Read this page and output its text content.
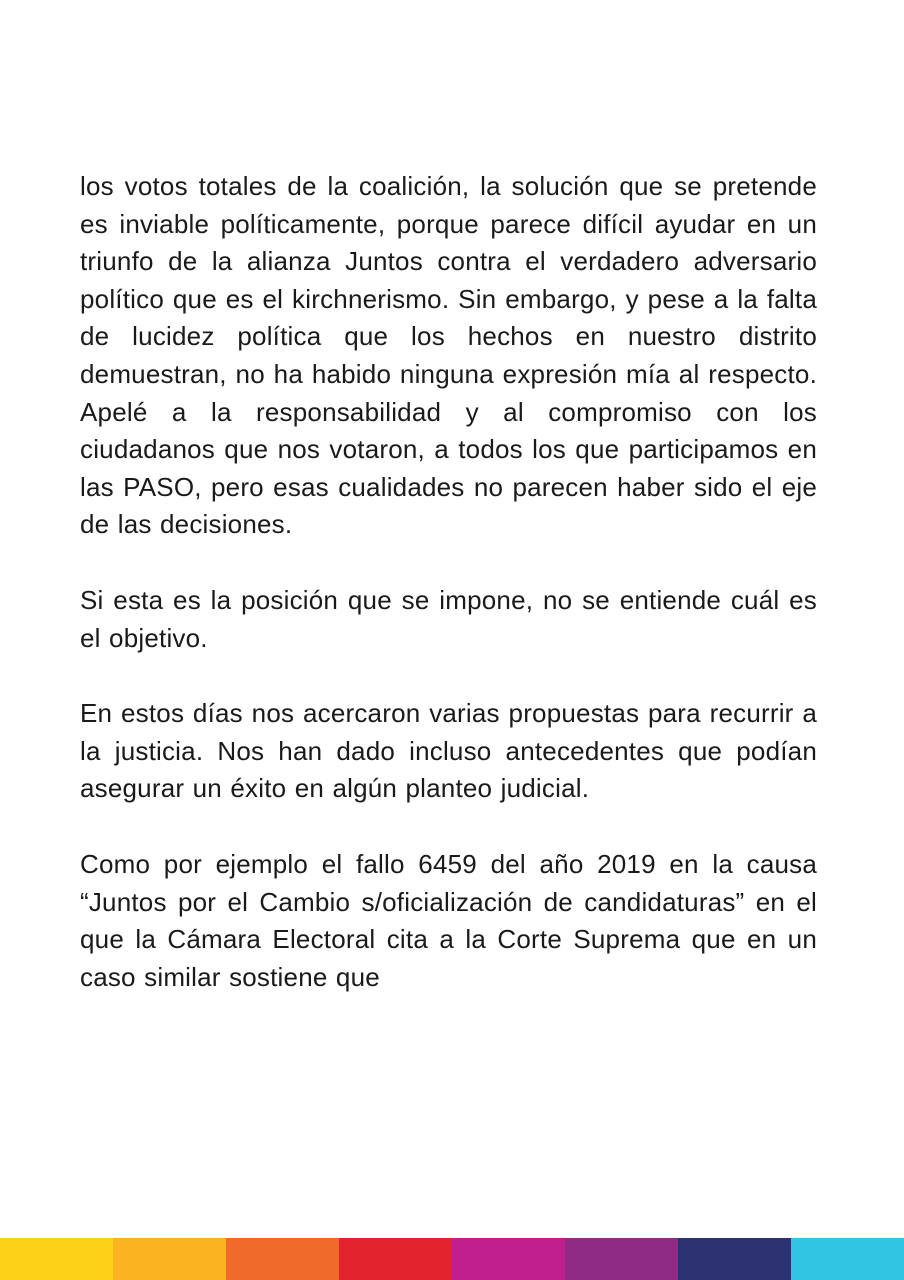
los votos totales de la coalición, la solución que se pretende es inviable políticamente, porque parece difícil ayudar en un triunfo de la alianza Juntos contra el verdadero adversario político que es el kirchnerismo. Sin embargo, y pese a la falta de lucidez política que los hechos en nuestro distrito demuestran, no ha habido ninguna expresión mía al respecto. Apelé a la responsabilidad y al compromiso con los ciudadanos que nos votaron, a todos los que participamos en las PASO, pero esas cualidades no parecen haber sido el eje de las decisiones.

Si esta es la posición que se impone, no se entiende cuál es el objetivo.

En estos días nos acercaron varias propuestas para recurrir a la justicia. Nos han dado incluso antecedentes que podían asegurar un éxito en algún planteo judicial.

Como por ejemplo el fallo 6459 del año 2019 en la causa “Juntos por el Cambio s/oficialización de candidaturas” en el que la Cámara Electoral cita a la Corte Suprema que en un caso similar sostiene que
